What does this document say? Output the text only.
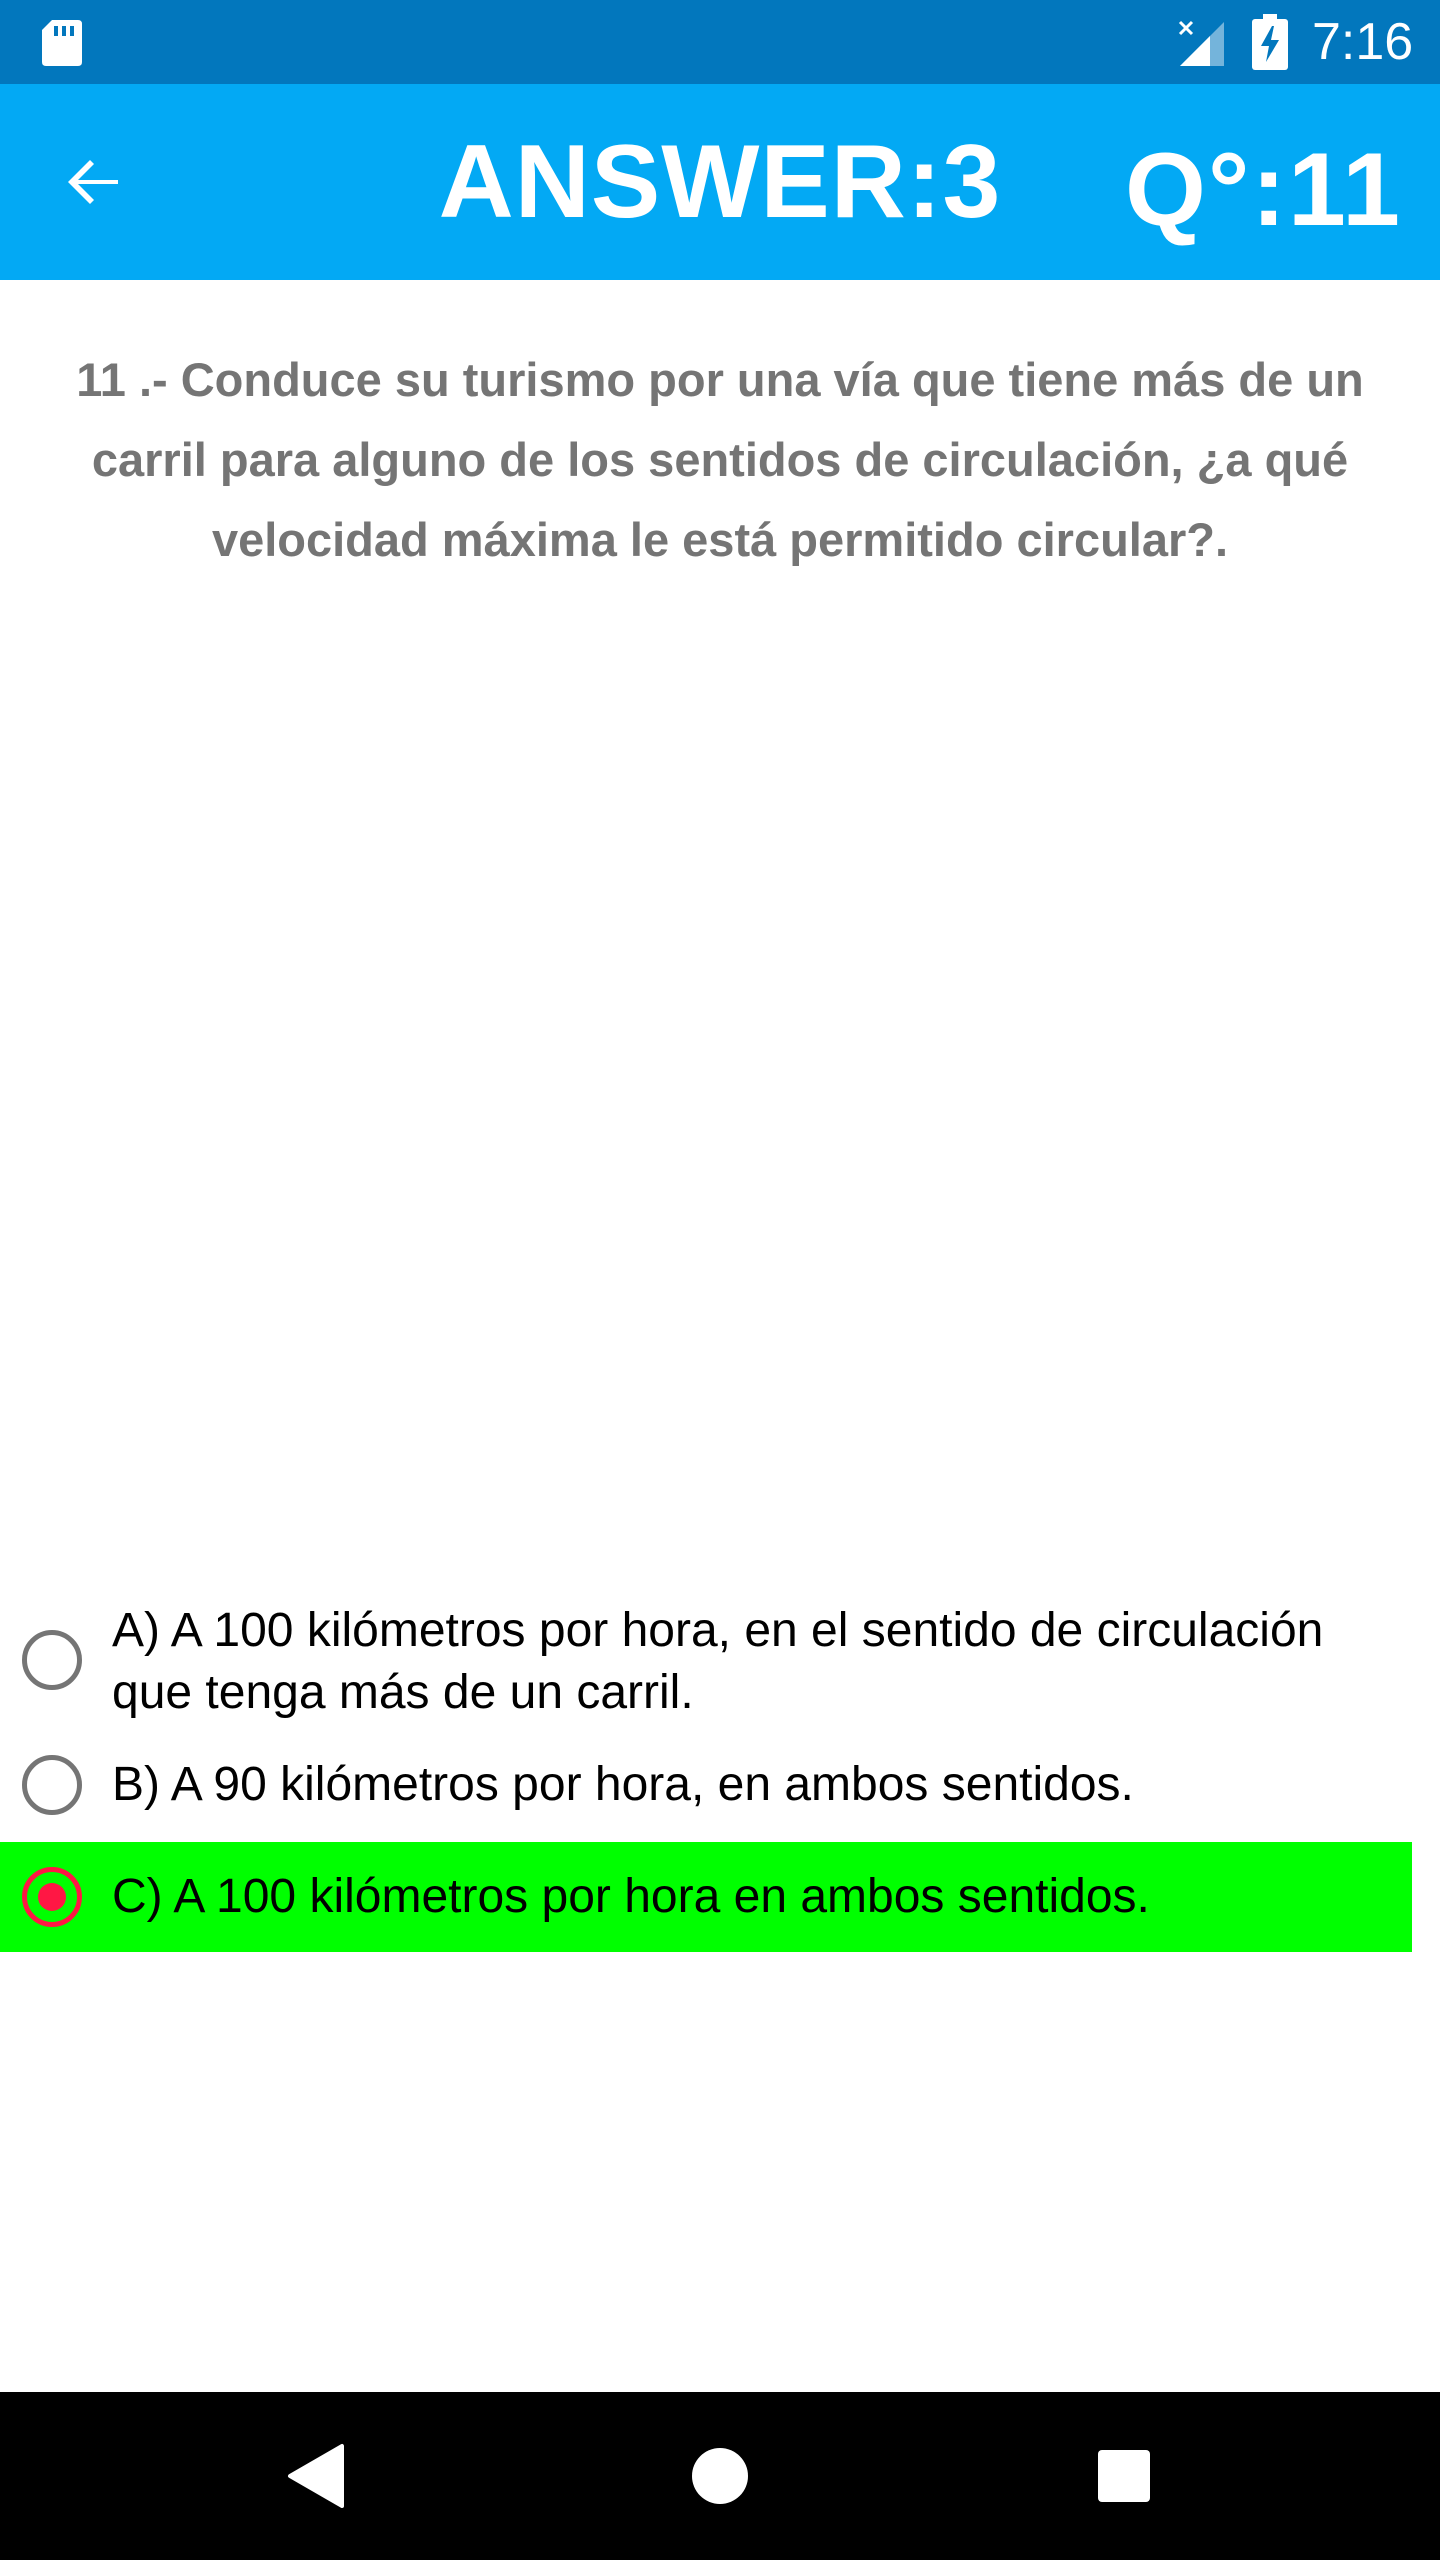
7:16
ANSWER:3	Q°:11
11 .- Conduce su turismo por una vía que tiene más de un carril para alguno de los sentidos de circulación, ¿a qué velocidad máxima le está permitido circular?.
A) A 100 kilómetros por hora, en el sentido de circulación que tenga más de un carril.
B) A 90 kilómetros por hora, en ambos sentidos.
C) A 100 kilómetros por hora en ambos sentidos.
